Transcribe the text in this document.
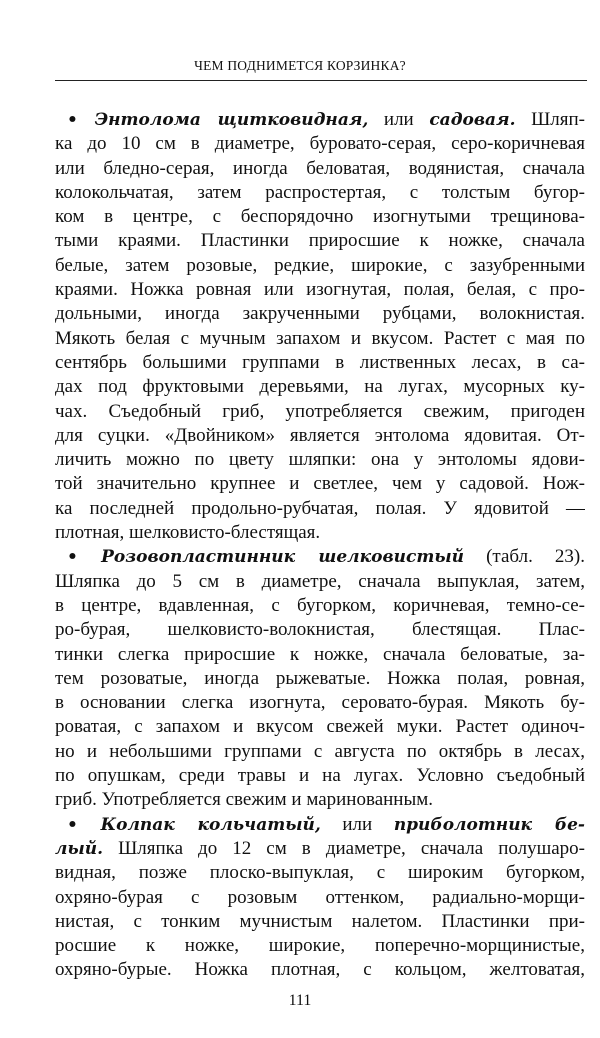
ЧЕМ ПОДНИМЕТСЯ КОРЗИНКА?
• Энтолома щитковидная, или садовая. Шляп-
ка до 10 см в диаметре, буровато-серая, серо-коричневая
или бледно-серая, иногда беловатая, водянистая, сначала
колокольчатая, затем распростертая, с толстым бугор-
ком в центре, с беспорядочно изогнутыми трещинова-
тыми краями. Пластинки приросшие к ножке, сначала
белые, затем розовые, редкие, широкие, с зазубренными
краями. Ножка ровная или изогнутая, полая, белая, с про-
дольными, иногда закрученными рубцами, волокнистая.
Мякоть белая с мучным запахом и вкусом. Растет с мая по
сентябрь большими группами в лиственных лесах, в са-
дах под фруктовыми деревьями, на лугах, мусорных ку-
чах. Съедобный гриб, употребляется свежим, пригоден
для суцки. «Двойником» является энтолома ядовитая. От-
личить можно по цвету шляпки: она у энтоломы ядови-
той значительно крупнее и светлее, чем у садовой. Нож-
ка последней продольно-рубчатая, полая. У ядовитой —
плотная, шелковисто-блестящая.
• Розовопластинник шелковистый (табл. 23).
Шляпка до 5 см в диаметре, сначала выпуклая, затем,
в центре, вдавленная, с бугорком, коричневая, темно-се-
ро-бурая, шелковисто-волокнистая, блестящая. Плас-
тинки слегка приросшие к ножке, сначала беловатые, за-
тем розоватые, иногда рыжеватые. Ножка полая, ровная,
в основании слегка изогнута, серовато-бурая. Мякоть бу-
роватая, с запахом и вкусом свежей муки. Растет одиноч-
но и небольшими группами с августа по октябрь в лесах,
по опушкам, среди травы и на лугах. Условно съедобный
гриб. Употребляется свежим и маринованным.
• Колпак кольчатый, или приболотник бе-
лый. Шляпка до 12 см в диаметре, сначала полушаро-
видная, позже плоско-выпуклая, с широким бугорком,
охряно-бурая с розовым оттенком, радиально-морщи-
нистая, с тонким мучнистым налетом. Пластинки при-
росшие к ножке, широкие, поперечно-морщинистые,
охряно-бурые. Ножка плотная, с кольцом, желтоватая,
111
